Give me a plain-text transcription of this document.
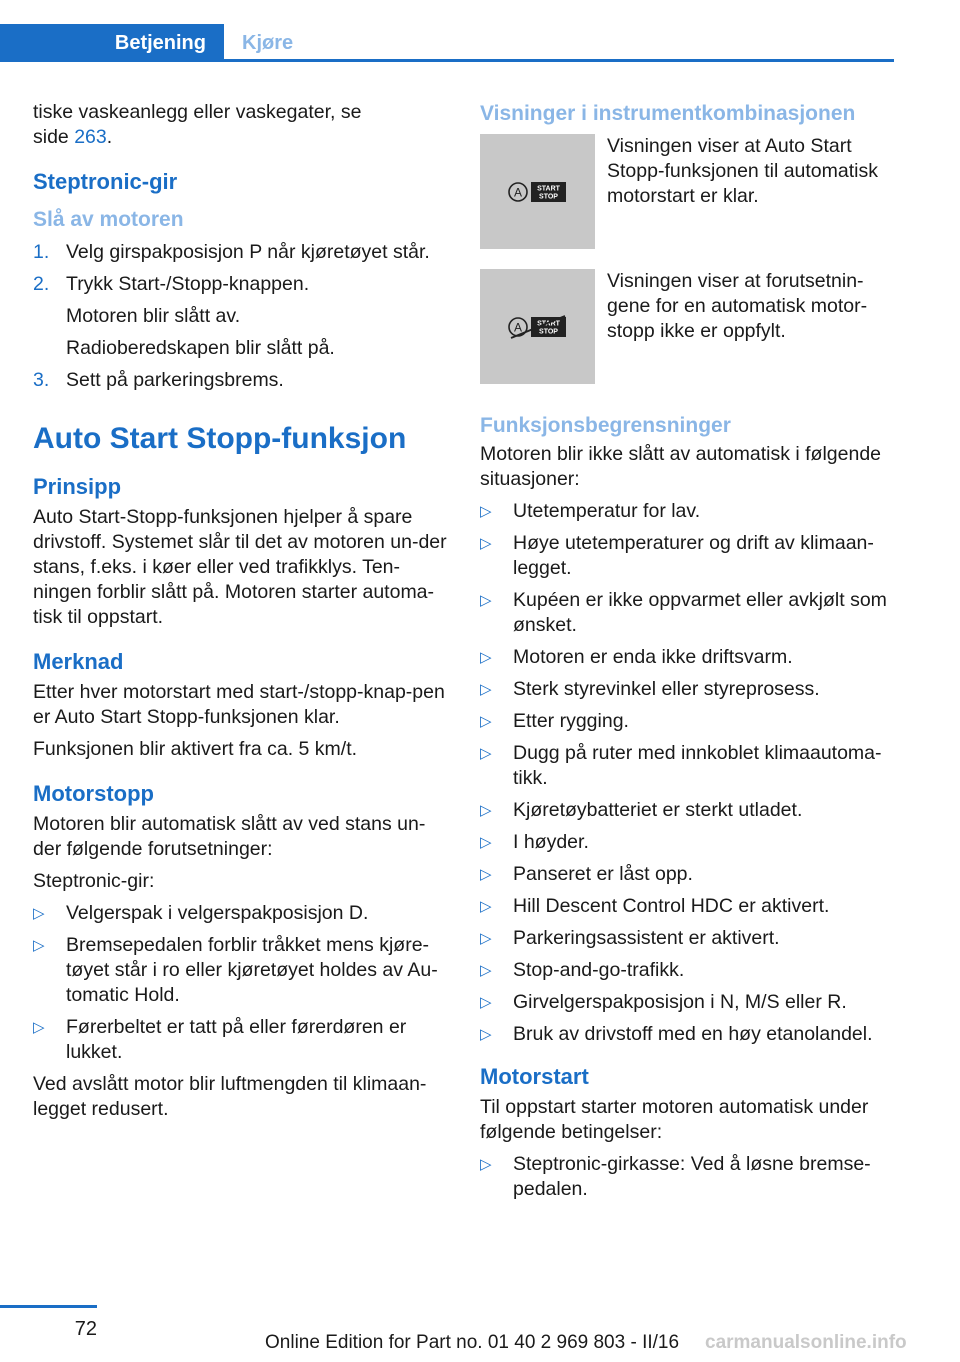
Betjening	Kjøre

tiske vaskeanlegg eller vaskegater, se
side 263.

Steptronic-gir
Slå av motoren
1. Velg girspakposisjon P når kjøretøyet står.
2. Trykk Start-/Stopp-knappen.

Motoren blir slått av.

Radioberedskapen blir slått på.

3. Sett på parkeringsbrems.
Auto Start Stopp-funksjon
Prinsipp

Auto Start-Stopp-funksjonen hjelper å spare drivstoff. Systemet slår til det av motoren un-der stans, f.eks. i køer eller ved trafikklys. Ten-ningen forblir slått på. Motoren starter automa-tisk til oppstart.

Merknad

Etter hver motorstart med start-/stopp-knap-pen er Auto Start Stopp-funksjonen klar.

Funksjonen blir aktivert fra ca. 5 km/t.

Motorstopp

Motoren blir automatisk slått av ved stans un-der følgende forutsetninger:

Steptronic-gir:

▷	Velgerspak i velgerspakposisjon D.
▷	Bremsepedalen forblir tråkket mens kjøre-tøyet står i ro eller kjøretøyet holdes av Au-tomatic Hold.
▷	Førerbeltet er tatt på eller førerdøren er lukket.

Ved avslått motor blir luftmengden til klimaan-legget redusert.

Visninger i instrumentkombinasjonen
A START
STOP
Visningen viser at Auto Start Stopp-funksjonen til automatisk motorstart er klar.
A START
STOP
Visningen viser at forutsetnin-gene for en automatisk motor-stopp ikke er oppfylt.
Funksjonsbegrensninger

Motoren blir ikke slått av automatisk i følgende situasjoner:

▷	Utetemperatur for lav.
▷	Høye utetemperaturer og drift av klimaan-legget.
▷	Kupéen er ikke oppvarmet eller avkjølt som ønsket.
▷	Motoren er enda ikke driftsvarm.
▷	Sterk styrevinkel eller styreprosess.
▷	Etter rygging.
▷	Dugg på ruter med innkoblet klimaautoma-tikk.
▷	Kjøretøybatteriet er sterkt utladet.
▷	I høyder.
▷	Panseret er låst opp.
▷	Hill Descent Control HDC er aktivert.
▷	Parkeringsassistent er aktivert.
▷	Stop-and-go-trafikk.
▷	Girvelgerspakposisjon i N, M/S eller R.
▷	Bruk av drivstoff med en høy etanolandel.
Motorstart

Til oppstart starter motoren automatisk under følgende betingelser:

▷	Steptronic-girkasse: Ved å løsne bremse-pedalen.
72
Online Edition for Part no. 01 40 2 969 803 - II/16 carmanualsonline.info
